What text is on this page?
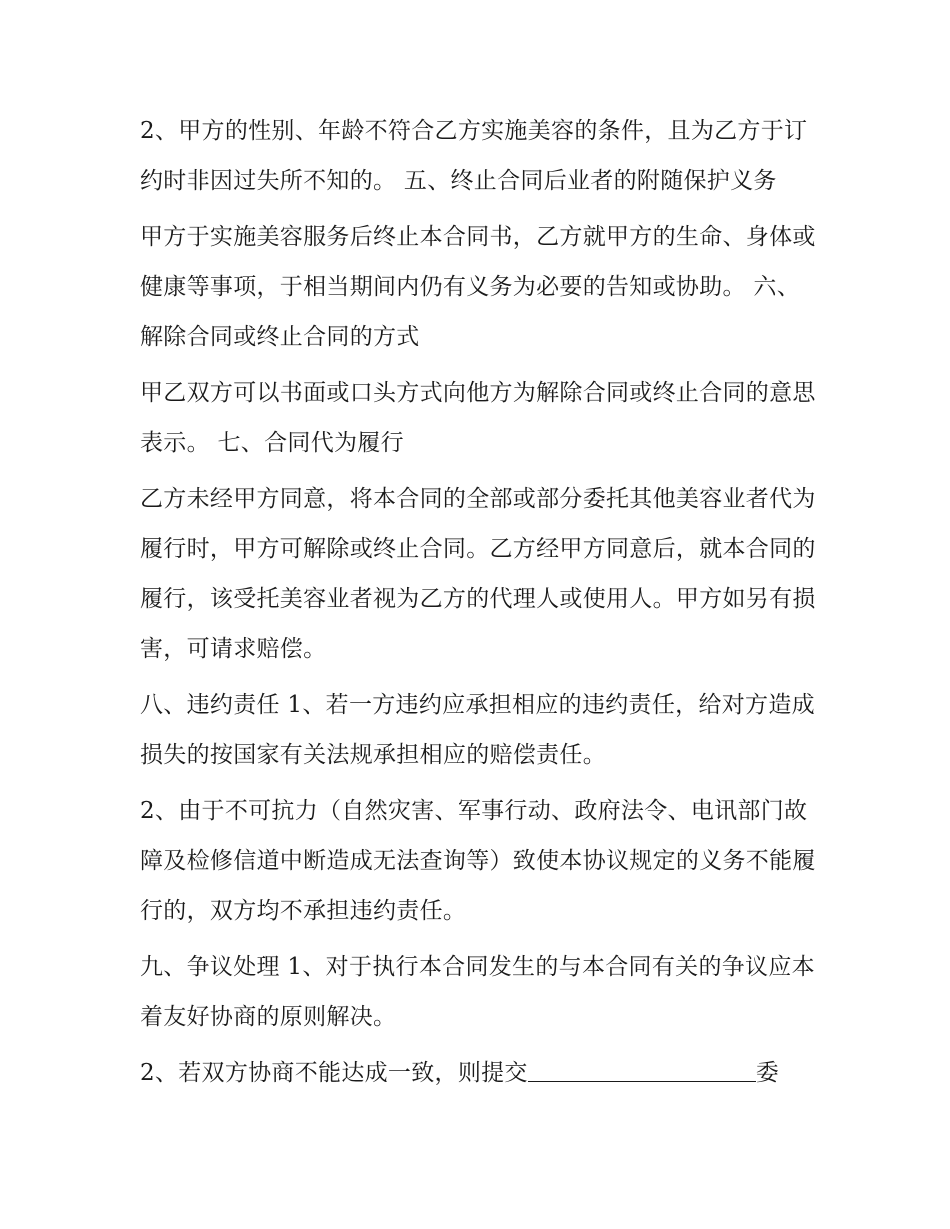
2、甲方的性别、年龄不符合乙方实施美容的条件，且为乙方于订约时非因过失所不知的。 五、终止合同后业者的附随保护义务

甲方于实施美容服务后终止本合同书，乙方就甲方的生命、身体或健康等事项，于相当期间内仍有义务为必要的告知或协助。 六、解除合同或终止合同的方式

甲乙双方可以书面或口头方式向他方为解除合同或终止合同的意思表示。 七、合同代为履行

乙方未经甲方同意，将本合同的全部或部分委托其他美容业者代为履行时，甲方可解除或终止合同。乙方经甲方同意后，就本合同的履行，该受托美容业者视为乙方的代理人或使用人。甲方如另有损害，可请求赔偿。

八、违约责任 1、若一方违约应承担相应的违约责任，给对方造成损失的按国家有关法规承担相应的赔偿责任。

2、由于不可抗力（自然灾害、军事行动、政府法令、电讯部门故障及检修信道中断造成无法查询等）致使本协议规定的义务不能履行的，双方均不承担违约责任。

九、争议处理 1、对于执行本合同发生的与本合同有关的争议应本着友好协商的原则解决。

2、若双方协商不能达成一致，则提交	委
